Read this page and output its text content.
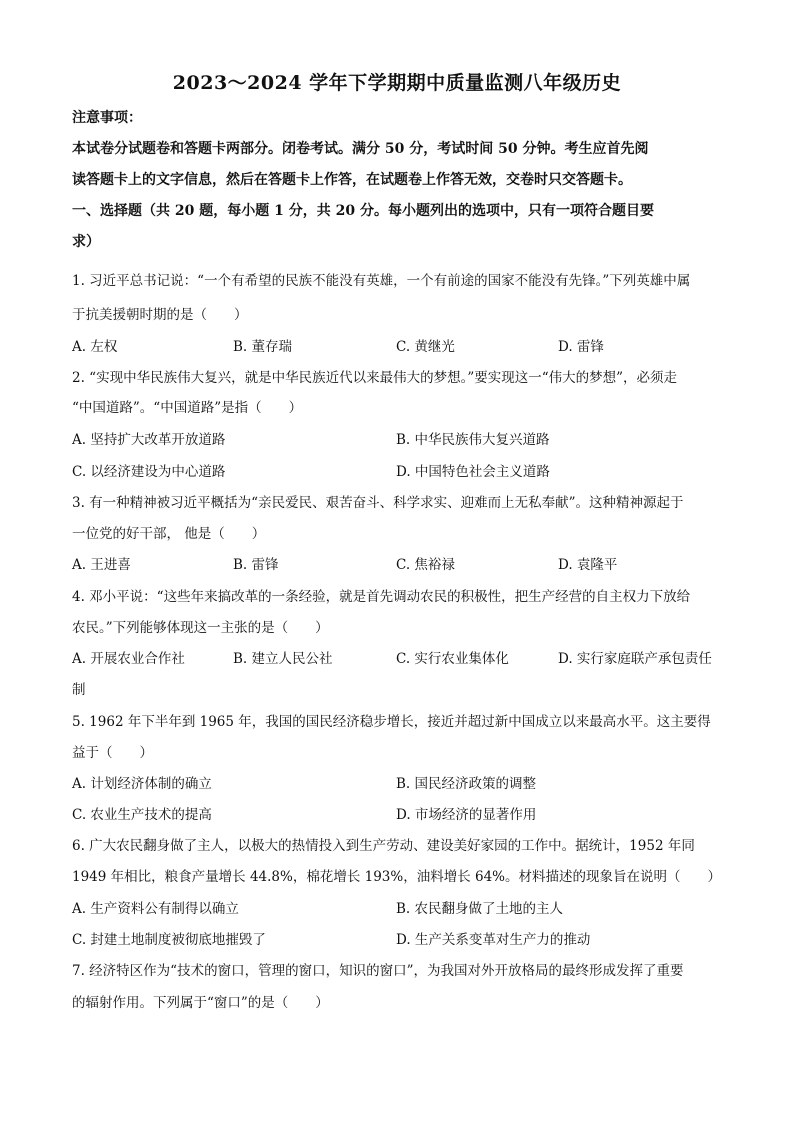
2023～2024 学年下学期期中质量监测八年级历史
注意事项：
本试卷分试题卷和答题卡两部分。闭卷考试。满分 50 分，考试时间 50 分钟。考生应首先阅
读答题卡上的文字信息，然后在答题卡上作答，在试题卷上作答无效，交卷时只交答题卡。
一、选择题（共 20 题，每小题 1 分，共 20 分。每小题列出的选项中，只有一项符合题目要
求）
1. 习近平总书记说：“一个有希望的民族不能没有英雄，一个有前途的国家不能没有先锋。”下列英雄中属
于抗美援朝时期的是（　　）
A. 左权	B. 董存瑞	C. 黄继光	D. 雷锋
2. “实现中华民族伟大复兴，就是中华民族近代以来最伟大的梦想。”要实现这一“伟大的梦想”，必须走
“中国道路”。“中国道路”是指（　　）
A. 坚持扩大改革开放道路	B. 中华民族伟大复兴道路
C. 以经济建设为中心道路	D. 中国特色社会主义道路
3. 有一种精神被习近平概括为“亲民爱民、艰苦奋斗、科学求实、迎难而上无私奉献”。这种精神源起于
一位党的好干部， 他是（　　）
A. 王进喜	B. 雷锋	C. 焦裕禄	D. 袁隆平
4. 邓小平说：“这些年来搞改革的一条经验，就是首先调动农民的积极性，把生产经营的自主权力下放给
农民。”下列能够体现这一主张的是（　　）
A. 开展农业合作社	B. 建立人民公社	C. 实行农业集体化	D. 实行家庭联产承包责任
制
5. 1962 年下半年到 1965 年，我国的国民经济稳步增长，接近并超过新中国成立以来最高水平。这主要得
益于（　　）
A. 计划经济体制的确立	B. 国民经济政策的调整
C. 农业生产技术的提高	D. 市场经济的显著作用
6. 广大农民翻身做了主人，以极大的热情投入到生产劳动、建设美好家园的工作中。据统计，1952 年同
1949 年相比，粮食产量增长 44.8%，棉花增长 193%，油料增长 64%。材料描述的现象旨在说明（　　）
A. 生产资料公有制得以确立	B. 农民翻身做了土地的主人
C. 封建土地制度被彻底地摧毁了	D. 生产关系变革对生产力的推动
7. 经济特区作为“技术的窗口，管理的窗口，知识的窗口”，为我国对外开放格局的最终形成发挥了重要
的辐射作用。下列属于“窗口”的是（　　）
